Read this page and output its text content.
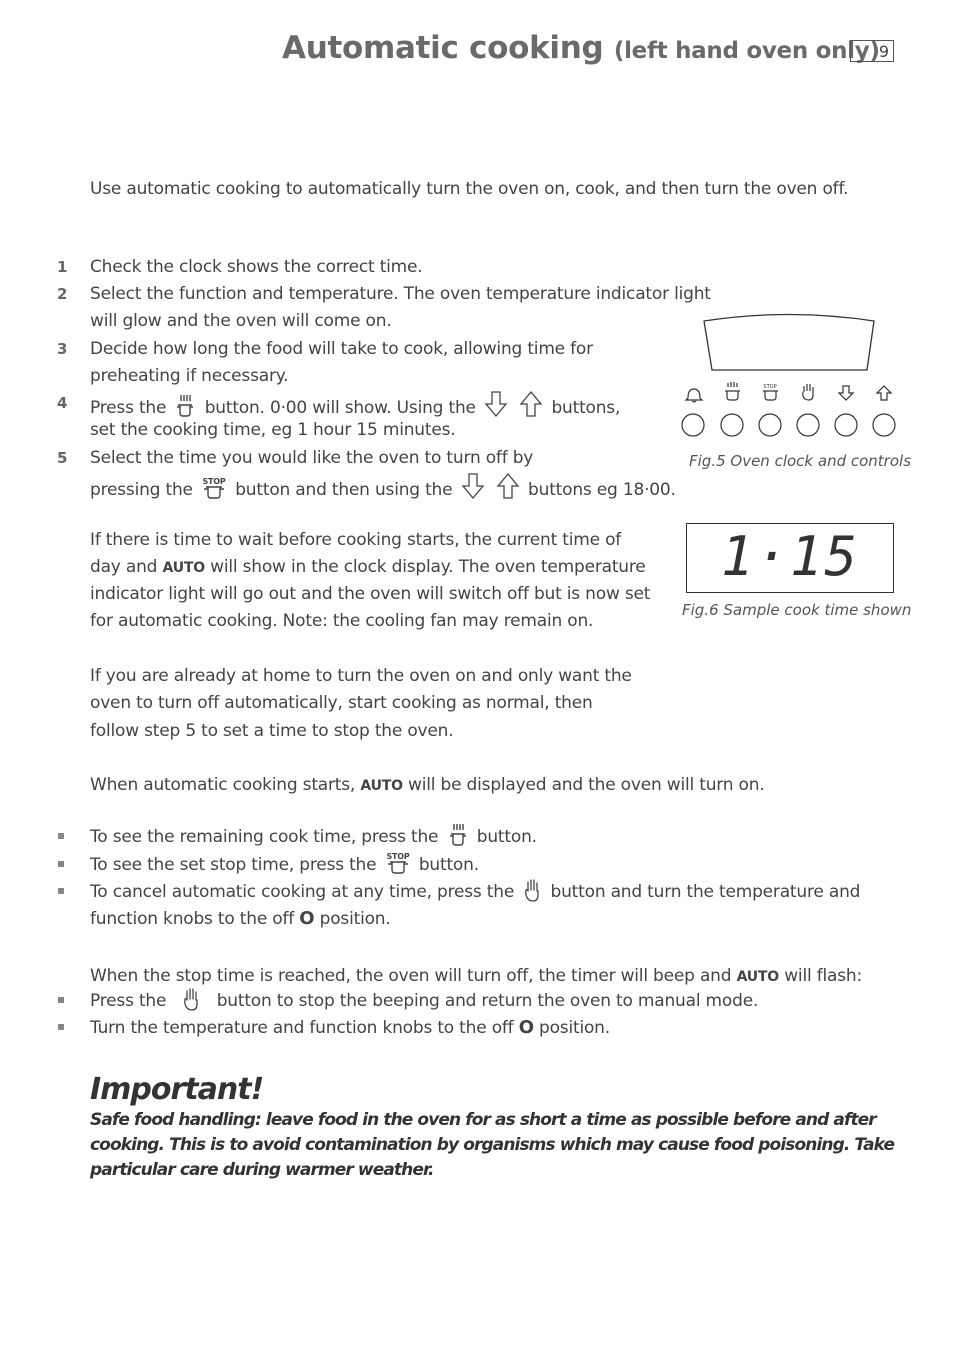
Automatic cooking (left hand oven only) 9
Use automatic cooking to automatically turn the oven on, cook, and then turn the oven off.
1 Check the clock shows the correct time.
2 Select the function and temperature. The oven temperature indicator light
will glow and the oven will come on.
3 Decide how long the food will take to cook, allowing time for
preheating if necessary.
4 Press the button. 0·00 will show. Using the	buttons,
set the cooking time, eg 1 hour 15 minutes.
5 Select the time you would like the oven to turn off by
pressing the STOP button and then using the	buttons eg 18·00.
If there is time to wait before cooking starts, the current time of
day and AUTO will show in the clock display. The oven temperature
indicator light will go out and the oven will switch off but is now set
for automatic cooking. Note: the cooling fan may remain on.
If you are already at home to turn the oven on and only want the
oven to turn off automatically, start cooking as normal, then
follow step 5 to set a time to stop the oven.
When automatic cooking starts, AUTO will be displayed and the oven will turn on.
To see the remaining cook time, press the button.
To see the set stop time, press the STOP button.
To cancel automatic cooking at any time, press the button and turn the temperature and
function knobs to the off O position.
When the stop time is reached, the oven will turn off, the timer will beep and AUTO will flash:
Press the	button to stop the beeping and return the oven to manual mode.
Turn the temperature and function knobs to the off O position.
STOP
Fig.5 Oven clock and controls
1·15
Fig.6 Sample cook time shown
Important!
Safe food handling: leave food in the oven for as short a time as possible before and after cooking. This is to avoid contamination by organisms which may cause food poisoning. Take particular care during warmer weather.
